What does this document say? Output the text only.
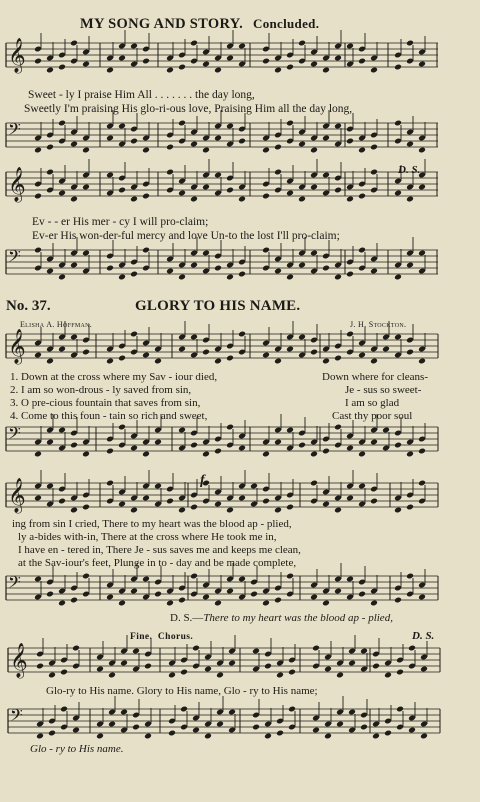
𝄞
𝄢
𝄞
𝄢
𝄞
𝄢
𝄞
𝄢
𝄞
𝄢
MY SONG AND STORY. Concluded.
Sweet - ly I praise Him All . . . . . . . the day long,
Sweetly I'm praising His glo-ri-ous love, Praising Him all the day long,
D. S.
Ev - - er His mer - cy I will pro-claim;
Ev-er His won-der-ful mercy and love Un-to the lost I'll pro-claim;
No. 37.	GLORY TO HIS NAME.
Elisha A. Hoffman.	J. H. Stockton.
1. Down at the cross where my Sav - iour died,
2. I am so won-drous - ly saved from sin,
3. O pre-cious fountain that saves from sin,
4. Come to this foun - tain so rich and sweet,
Down where for cleans-
Je - sus so sweet-
I am so glad
Cast thy poor soul
f.
ing from sin I cried, There to my heart was the blood ap - plied,
ly a-bides with-in, There at the cross where He took me in,
I have en - tered in, There Je - sus saves me and keeps me clean,
at the Sav-iour's feet, Plunge in to - day and be made complete,
D. S.—There to my heart was the blood ap - plied,
Fine. Chorus.	D. S.
Glo-ry to His name. Glory to His name, Glo - ry to His name;
Glo - ry to His name.
